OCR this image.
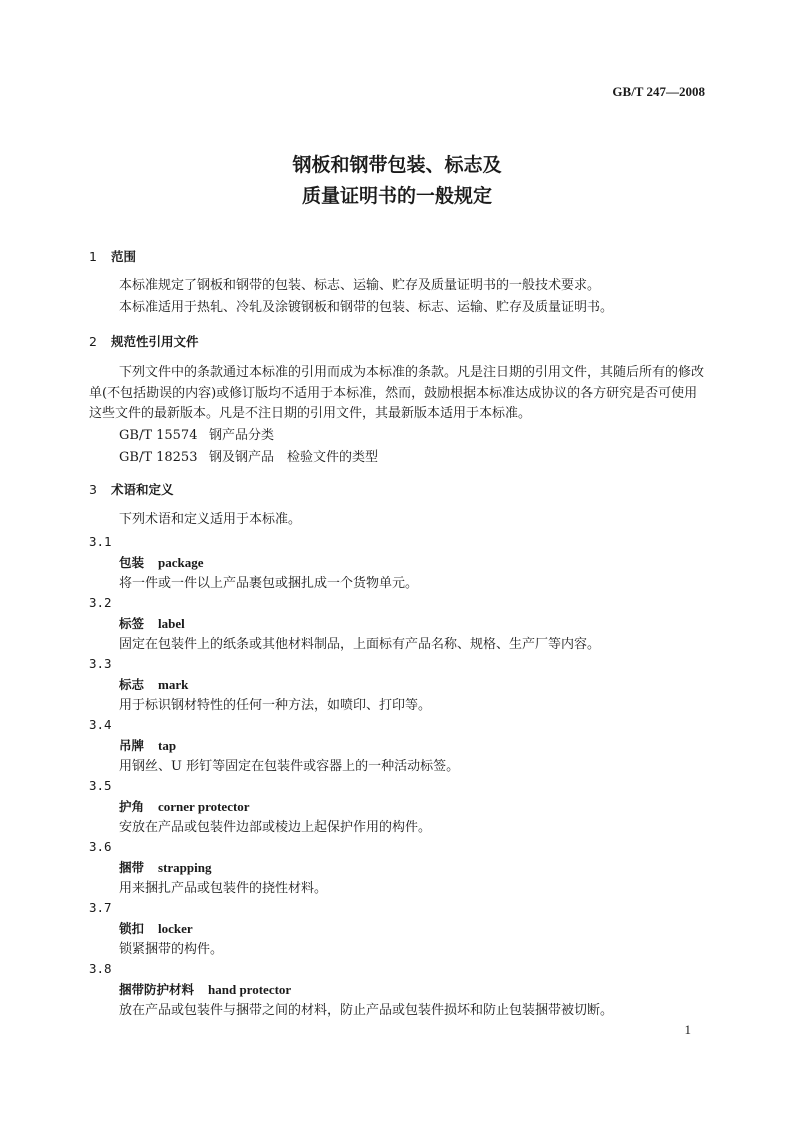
GB/T 247—2008
钢板和钢带包装、标志及
质量证明书的一般规定
1 范围
本标准规定了钢板和钢带的包装、标志、运输、贮存及质量证明书的一般技术要求。
本标准适用于热轧、冷轧及涂镀钢板和钢带的包装、标志、运输、贮存及质量证明书。
2 规范性引用文件
下列文件中的条款通过本标准的引用而成为本标准的条款。凡是注日期的引用文件，其随后所有的修改单(不包括勘误的内容)或修订版均不适用于本标准，然而，鼓励根据本标准达成协议的各方研究是否可使用这些文件的最新版本。凡是不注日期的引用文件，其最新版本适用于本标准。
GB/T 15574 钢产品分类
GB/T 18253 钢及钢产品　检验文件的类型
3 术语和定义
下列术语和定义适用于本标准。
3.1
包装 package
将一件或一件以上产品裹包或捆扎成一个货物单元。
3.2
标签 label
固定在包装件上的纸条或其他材料制品，上面标有产品名称、规格、生产厂等内容。
3.3
标志 mark
用于标识钢材特性的任何一种方法，如喷印、打印等。
3.4
吊牌 tap
用钢丝、U 形钉等固定在包装件或容器上的一种活动标签。
3.5
护角 corner protector
安放在产品或包装件边部或棱边上起保护作用的构件。
3.6
捆带 strapping
用来捆扎产品或包装件的挠性材料。
3.7
锁扣 locker
锁紧捆带的构件。
3.8
捆带防护材料 hand protector
放在产品或包装件与捆带之间的材料，防止产品或包装件损坏和防止包装捆带被切断。
1
